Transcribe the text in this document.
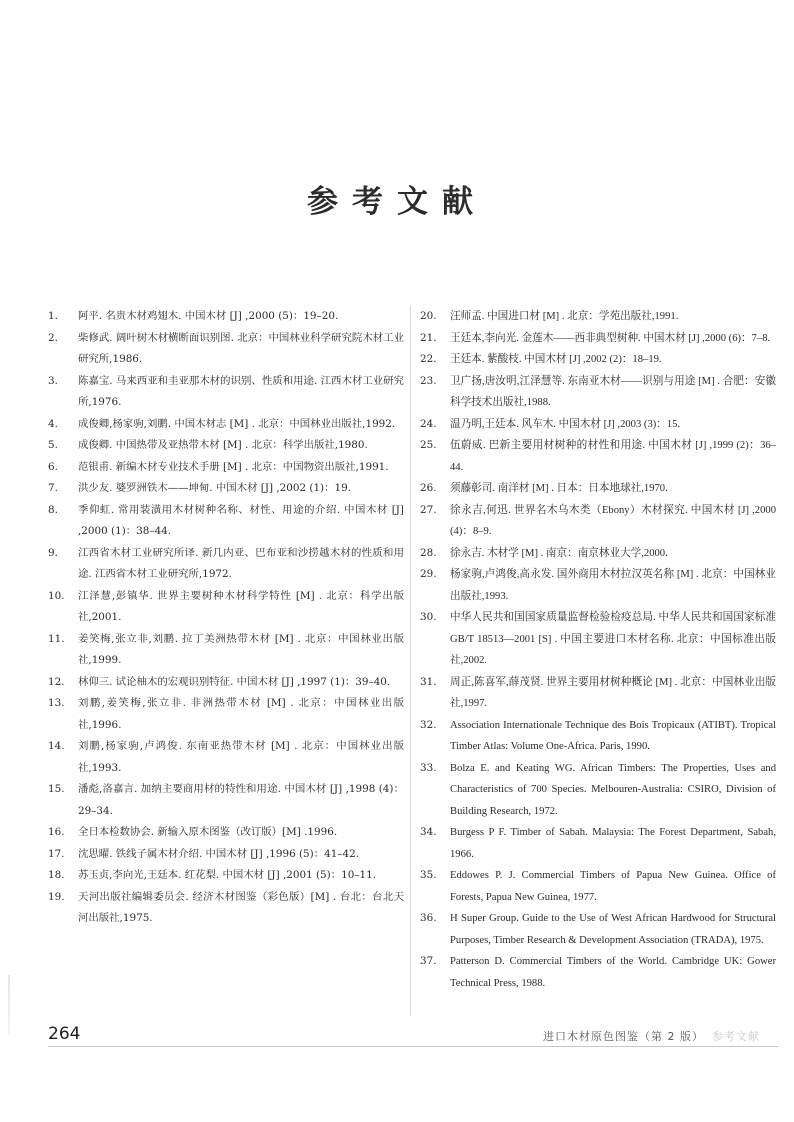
参考文献
1.	阿平. 名贵木材鸡翅木. 中国木材 [J] ,2000 (5)：19–20.
2.	柴修武. 阔叶树木材横断面识别图. 北京：中国林业科学研究院木材工业研究所,1986.
3.	陈嘉宝. 马来西亚和圭亚那木材的识别、性质和用途. 江西木材工业研究所,1976.
4.	成俊卿,杨家驹,刘鹏. 中国木材志 [M] . 北京：中国林业出版社,1992.
5.	成俊卿. 中国热带及亚热带木材 [M] . 北京：科学出版社,1980.
6.	范银甫. 新编木材专业技术手册 [M] . 北京：中国物资出版社,1991.
7.	洪少友. 婆罗洲铁木——坤甸. 中国木材 [J] ,2002 (1)：19.
8.	季仰虹. 常用装潢用木材树种名称、材性、用途的介绍. 中国木材 [J] ,2000 (1)：38–44.
9.	江西省木材工业研究所译. 新几内亚、巴布亚和沙捞越木材的性质和用途. 江西省木材工业研究所,1972.
10.	江泽慧,彭镇华. 世界主要树种木材科学特性 [M] . 北京：科学出版社,2001.
11.	姜笑梅,张立非,刘鹏. 拉丁美洲热带木材 [M] . 北京：中国林业出版社,1999.
12.	林仰三. 试论柚木的宏观识别特征. 中国木材 [J] ,1997 (1)：39–40.
13.	刘鹏,姜笑梅,张立非. 非洲热带木材 [M] . 北京：中国林业出版社,1996.
14.	刘鹏,杨家驹,卢鸿俊. 东南亚热带木材 [M] . 北京：中国林业出版社,1993.
15.	潘彪,洛嘉言. 加纳主要商用材的特性和用途. 中国木材 [J] ,1998 (4)：29–34.
16.	全日本检数协会. 新输入原木图鉴（改订版）[M] .1996.
17.	沈思曜. 铁线子属木材介绍. 中国木材 [J] ,1996 (5)：41–42.
18.	苏玉贞,李向光,王廷本. 红花梨. 中国木材 [J] ,2001 (5)：10–11.
19.	天河出版社编辑委员会. 经济木材图鉴（彩色版）[M] . 台北：台北天河出版社,1975.
20.	汪师孟. 中国进口材 [M] . 北京：学苑出版社,1991.
21.	王廷本,李向光. 金莲木——西非典型树种. 中国木材 [J] ,2000 (6)：7–8.
22.	王廷本. 紫酸枝. 中国木材 [J] ,2002 (2)：18–19.
23.	卫广扬,唐汝明,江泽慧等. 东南亚木材——识别与用途 [M] . 合肥：安徽科学技术出版社,1988.
24.	温乃明,王廷本. 风车木. 中国木材 [J] ,2003 (3)：15.
25.	伍蔚威. 巴新主要用材树种的材性和用途. 中国木材 [J] ,1999 (2)：36–44.
26.	须藤彰司. 南洋材 [M] . 日本：日本地球社,1970.
27.	徐永吉,何迅. 世界名木乌木类（Ebony）木材探究. 中国木材 [J] ,2000 (4)：8–9.
28.	徐永吉. 木材学 [M] . 南京：南京林业大学,2000.
29.	杨家驹,卢鸿俊,高永发. 国外商用木材拉汉英名称 [M] . 北京：中国林业出版社,1993.
30.	中华人民共和国国家质量监督检验检疫总局. 中华人民共和国国家标准GB/T 18513—2001 [S] . 中国主要进口木材名称. 北京：中国标准出版社,2002.
31.	周正,陈喜军,薛茂贤. 世界主要用材树种概论 [M] . 北京：中国林业出版社,1997.
32.	Association Internationale Technique des Bois Tropicaux (ATIBT). Tropical Timber Atlas: Volume One-Africa. Paris, 1990.
33.	Bolza E. and Keating WG. African Timbers: The Properties, Uses and Characteristics of 700 Species. Melbouren-Australia: CSIRO, Division of Building Research, 1972.
34.	Burgess P F. Timber of Sabah. Malaysia: The Forest Department, Sabah, 1966.
35.	Eddowes P. J. Commercial Timbers of Papua New Guinea. Office of Forests, Papua New Guinea, 1977.
36.	H Super Group. Guide to the Use of West African Hardwood for Structural Purposes, Timber Research & Development Association (TRADA), 1975.
37.	Patterson D. Commercial Timbers of the World. Cambridge UK: Gower Technical Press, 1988.
264	进口木材原色图鉴（第 2 版） 参考文献
